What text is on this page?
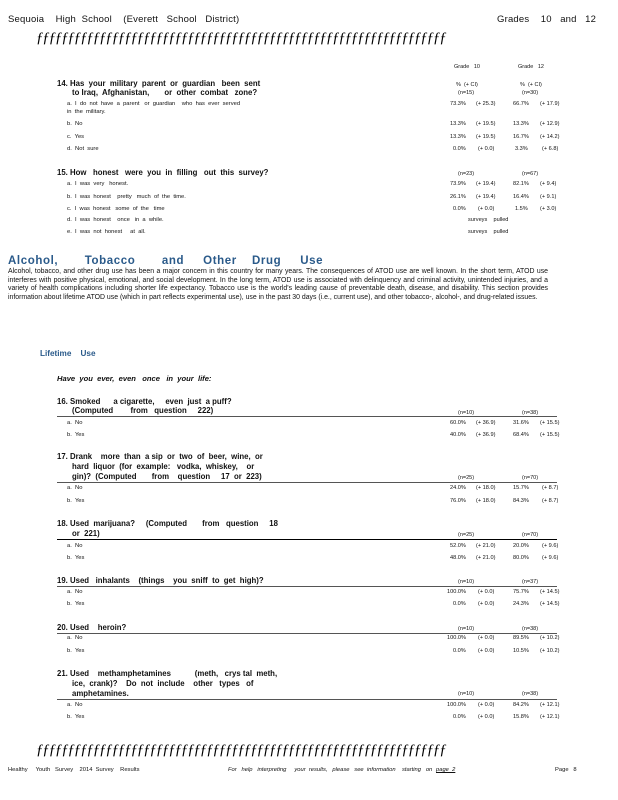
Sequoia    High  School    (Everett   School   District)	Grades    10   and   12
ƒƒƒƒƒƒƒƒƒƒƒƒƒƒƒƒƒƒƒƒƒƒƒƒƒƒƒƒƒƒƒƒƒƒƒƒƒƒƒƒƒƒƒƒƒƒƒƒƒƒƒƒƒƒƒƒƒƒƒƒƒƒƒƒƒ
Grade   10	Grade   12
14. Has  your  military  parent  or  guardian   been  sent
to Iraq,  Afghanistan,       or  other  combat   zone?
%  (+ CI)	%  (+ CI)
(n=15)	(n=30)
a.  I  do  not  have  a  parent   or  guardian    who  has  ever  served
in  the  military.
73.3% (+ 25.3)	66.7% (+ 17.9)
b.  No	13.3% (+ 19.5)	13.3% (+ 12.9)
c.  Yes	13.3% (+ 19.5)	16.7% (+ 14.2)
d.  Not  sure	0.0% (+ 0.0)	3.3%	(+ 6.8)
15. How   honest   were  you  in  filling   out  this  survey?	(n=23)	(n=67)
a.  I  was  very   honest.	73.9% (+ 19.4)	82.1% (+ 9.4)
b.  I  was  honest    pretty   much  of  the  time.	26.1% (+ 19.4)	16.4% (+ 9.1)
c.  I  was  honest   some  of  the   time	0.0% (+ 0.0)	1.5% (+ 3.0)
d.  I  was  honest    once   in  a  while.	surveys    pulled
e.  I  was  not  honest     at  all.	surveys    pulled
Alcohol,       Tobacco       and     Other    Drug     Use
Alcohol, tobacco, and other drug use has been a major concern in this country for many years. The consequences of ATOD use are well known. In the short term, ATOD use interferes with positive physical, emotional, and social development. In the long term, ATOD use is associated with delinquency and criminal activity, unintended injuries, and a variety of health complications including shorter life expectancy. Tobacco use is the world's leading cause of preventable death, disease, and disability. This section provides information about lifetime ATOD use (which in part reflects experimental use), use in the past 30 days (i.e., current use), and other tobacco-, alcohol-, and drug-related issues.
Lifetime    Use
Have  you  ever,  even   once   in  your  life:
16. Smoked      a cigarette,     even  just  a puff?
(Computed        from   question     222)	(n=10)	(n=38)
a.  No	60.0% (+ 36.9)	31.6% (+ 15.5)
b.  Yes	40.0% (+ 36.9)	68.4% (+ 15.5)
17. Drank    more  than  a sip  or  two  of  beer,  wine,  or
hard  liquor  (for  example:   vodka,  whiskey,    or
gin)?  (Computed       from    question     17  or  223)	(n=25)	(n=70)
a.  No	24.0% (+ 18.0)	15.7% (+ 8.7)
b.  Yes	76.0% (+ 18.0)	84.3% (+ 8.7)
18. Used  marijuana?     (Computed       from   question     18
or  221)	(n=25)	(n=70)
a.  No	52.0% (+ 21.0)	20.0% (+ 9.6)
b.  Yes	48.0% (+ 21.0)	80.0% (+ 9.6)
19. Used   inhalants    (things    you  sniff  to  get  high)?	(n=10)	(n=37)
a.  No	100.0% (+ 0.0)	75.7% (+ 14.5)
b.  Yes	0.0% (+ 0.0)	24.3% (+ 14.5)
20. Used    heroin?	(n=10)	(n=38)
a.  No	100.0% (+ 0.0)	89.5% (+ 10.2)
b.  Yes	0.0% (+ 0.0)	10.5% (+ 10.2)
21. Used    methamphetamines           (meth,   crys tal  meth,
ice,  crank)?    Do  not  include    other   types   of
amphetamines.	(n=10)	(n=38)
a.  No	100.0% (+ 0.0)	84.2% (+ 12.1)
b.  Yes	0.0% (+ 0.0)	15.8% (+ 12.1)
ƒƒƒƒƒƒƒƒƒƒƒƒƒƒƒƒƒƒƒƒƒƒƒƒƒƒƒƒƒƒƒƒƒƒƒƒƒƒƒƒƒƒƒƒƒƒƒƒƒƒƒƒƒƒƒƒƒƒƒƒƒƒƒƒƒ
Healthy     Youth   Survey    2014  Survey    Results	For   help   interpreting     your  results,   please   see  information    starting   on page  2	Page   8
